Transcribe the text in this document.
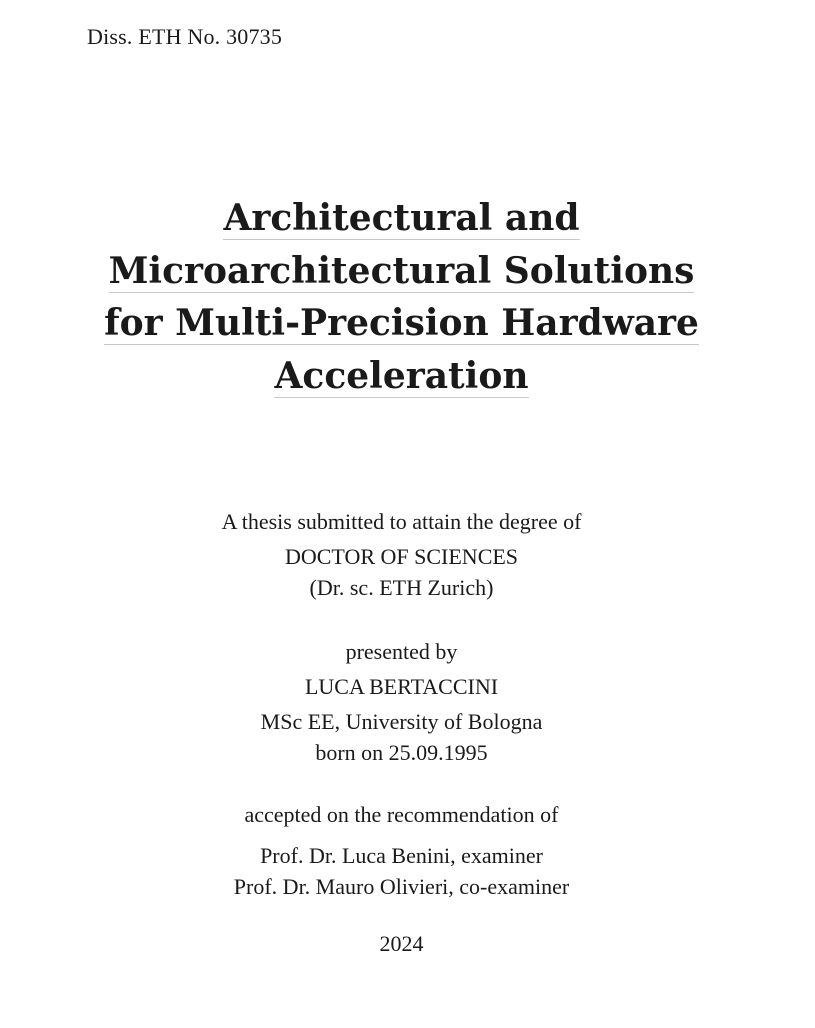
Diss. ETH No. 30735
Architectural and
Microarchitectural Solutions
for Multi-Precision Hardware
Acceleration
A thesis submitted to attain the degree of
DOCTOR OF SCIENCES
(Dr. sc. ETH Zurich)
presented by
LUCA BERTACCINI
MSc EE, University of Bologna
born on 25.09.1995
accepted on the recommendation of
Prof. Dr. Luca Benini, examiner
Prof. Dr. Mauro Olivieri, co-examiner
2024
